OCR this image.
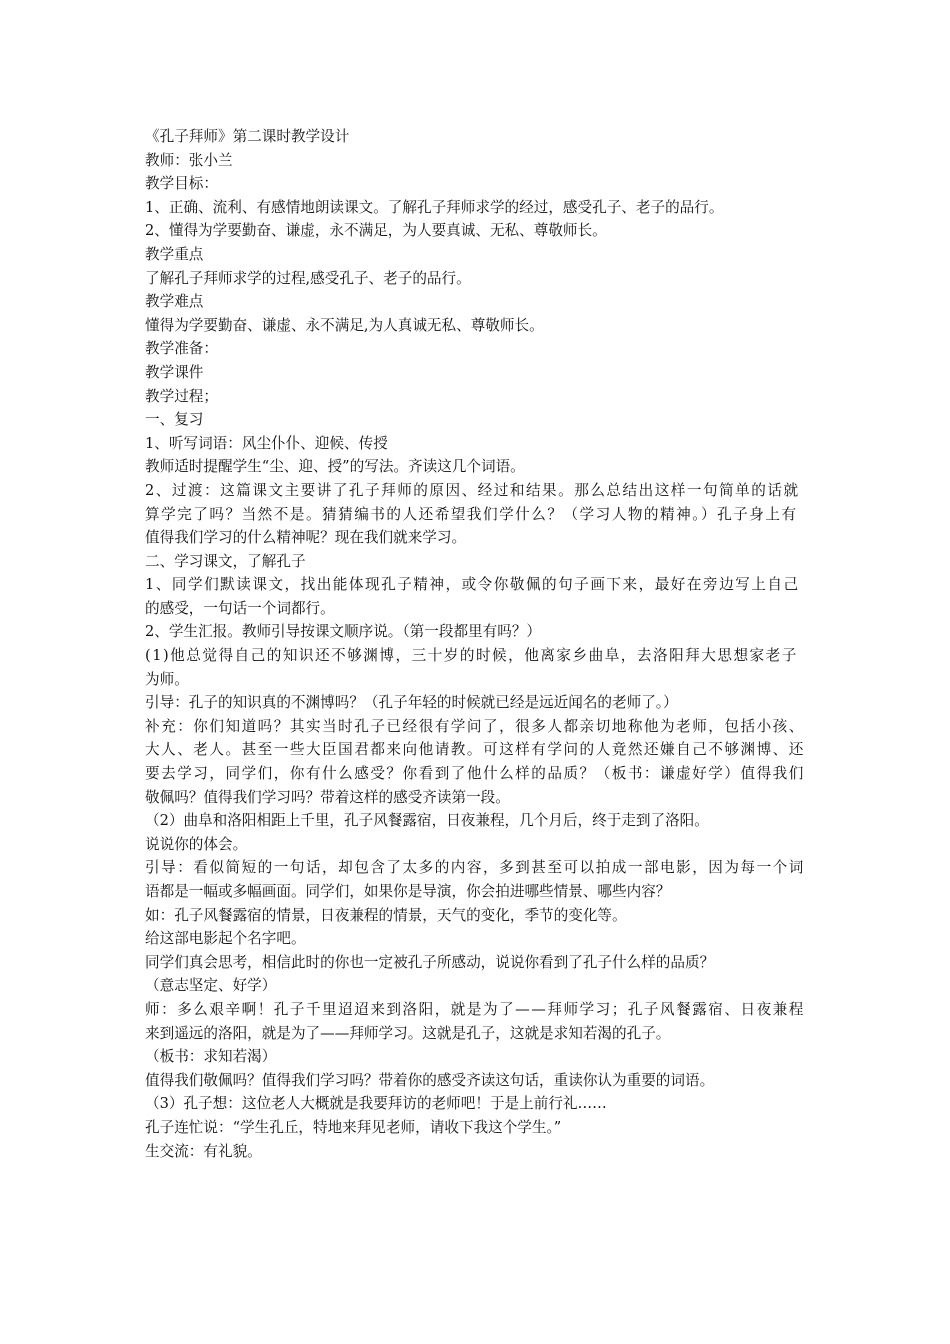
《孔子拜师》第二课时教学设计
教师：张小兰
教学目标：
1、正确、流利、有感情地朗读课文。了解孔子拜师求学的经过，感受孔子、老子的品行。
2、懂得为学要勤奋、谦虚，永不满足，为人要真诚、无私、尊敬师长。
教学重点
了解孔子拜师求学的过程,感受孔子、老子的品行。
教学难点
懂得为学要勤奋、谦虚、永不满足,为人真诚无私、尊敬师长。
教学准备：
教学课件
教学过程；
一、复习
1、听写词语：风尘仆仆、迎候、传授
教师适时提醒学生“尘、迎、授”的写法。齐读这几个词语。
2、过渡：这篇课文主要讲了孔子拜师的原因、经过和结果。那么总结出这样一句简单的话就
算学完了吗？当然不是。猜猜编书的人还希望我们学什么？（学习人物的精神。）孔子身上有
值得我们学习的什么精神呢？现在我们就来学习。
二、学习课文，了解孔子
1、同学们默读课文，找出能体现孔子精神，或令你敬佩的句子画下来，最好在旁边写上自己
的感受，一句话一个词都行。
2、学生汇报。教师引导按课文顺序说。（第一段都里有吗？）
(1)他总觉得自己的知识还不够渊博，三十岁的时候，他离家乡曲阜，去洛阳拜大思想家老子
为师。
引导：孔子的知识真的不渊博吗？（孔子年轻的时候就已经是远近闻名的老师了。）
补充：你们知道吗？其实当时孔子已经很有学问了，很多人都亲切地称他为老师，包括小孩、
大人、老人。甚至一些大臣国君都来向他请教。可这样有学问的人竟然还嫌自己不够渊博、还
要去学习，同学们，你有什么感受？你看到了他什么样的品质？（板书：谦虚好学）值得我们
敬佩吗？值得我们学习吗？带着这样的感受齐读第一段。
（2）曲阜和洛阳相距上千里，孔子风餐露宿，日夜兼程，几个月后，终于走到了洛阳。
说说你的体会。
引导：看似简短的一句话，却包含了太多的内容，多到甚至可以拍成一部电影，因为每一个词
语都是一幅或多幅画面。同学们，如果你是导演，你会拍进哪些情景、哪些内容？
如：孔子风餐露宿的情景，日夜兼程的情景，天气的变化，季节的变化等。
给这部电影起个名字吧。
同学们真会思考，相信此时的你也一定被孔子所感动，说说你看到了孔子什么样的品质？
（意志坚定、好学）
师：多么艰辛啊！孔子千里迢迢来到洛阳，就是为了——拜师学习；孔子风餐露宿、日夜兼程
来到遥远的洛阳，就是为了——拜师学习。这就是孔子，这就是求知若渴的孔子。
（板书：求知若渴）
值得我们敬佩吗？值得我们学习吗？带着你的感受齐读这句话，重读你认为重要的词语。
（3）孔子想：这位老人大概就是我要拜访的老师吧！于是上前行礼……
孔子连忙说：“学生孔丘，特地来拜见老师，请收下我这个学生。”
生交流：有礼貌。
